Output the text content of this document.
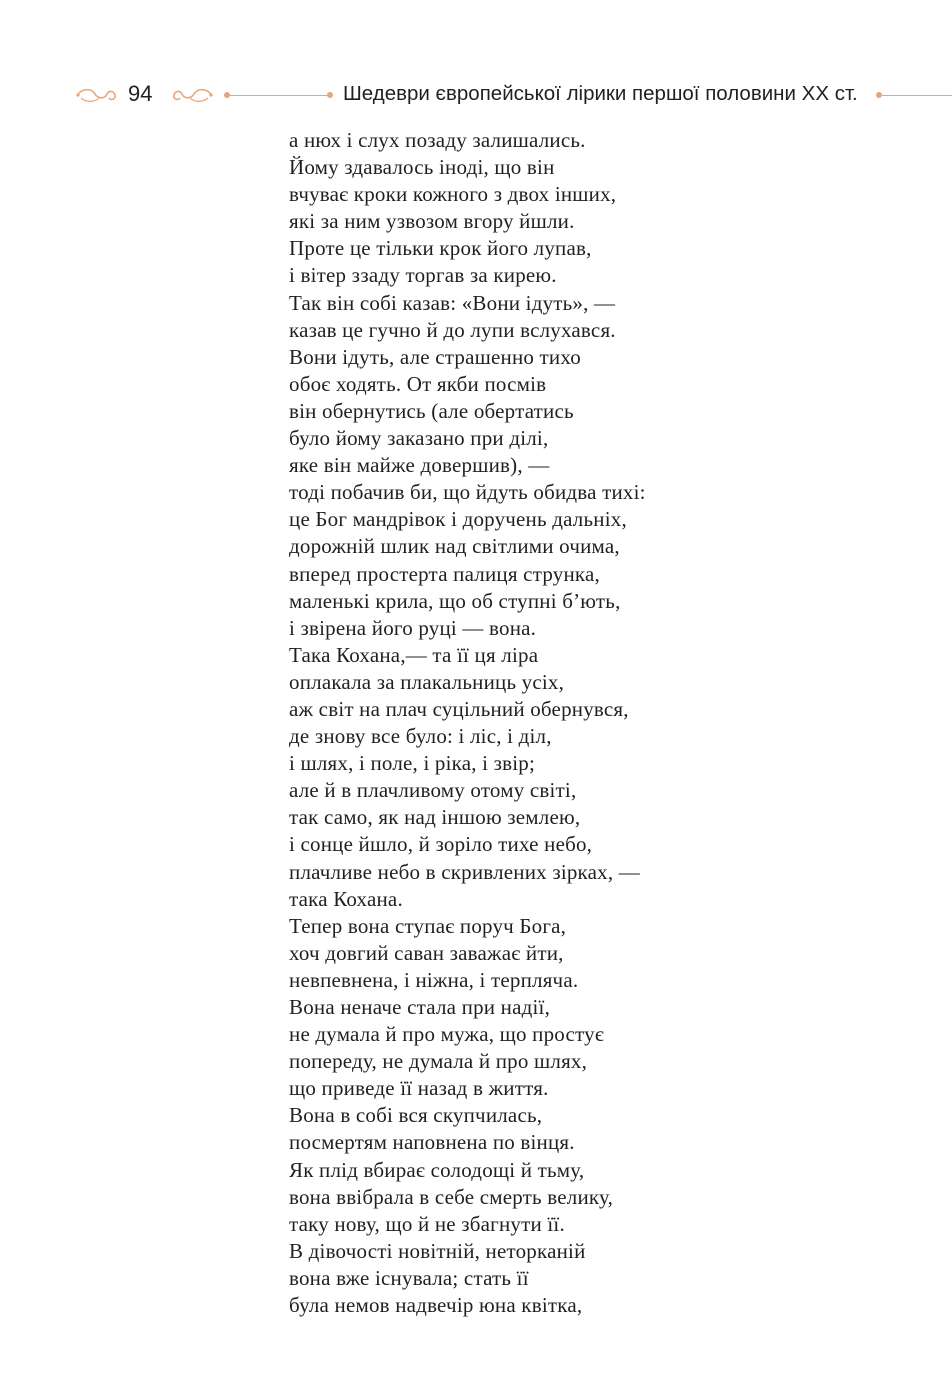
94	Шедеври європейської лірики першої половини ХХ ст.
а нюх і слух позаду залишались.
Йому здавалось іноді, що він
вчуває кроки кожного з двох інших,
які за ним узвозом вгору йшли.
Проте це тільки крок його лупав,
і вітер ззаду торгав за кирею.
Так він собі казав: «Вони ідуть», —
казав це гучно й до лупи вслухався.
Вони ідуть, але страшенно тихо
обоє ходять. От якби посмів
він обернутись (але обертатись
було йому заказано при ділі,
яке він майже довершив), —
тоді побачив би, що йдуть обидва тихі:
це Бог мандрівок і доручень дальніх,
дорожній шлик над світлими очима,
вперед простерта палиця струнка,
маленькі крила, що об ступні б’ють,
і звірена його руці — вона.
Така Кохана,— та її ця ліра
оплакала за плакальниць усіх,
аж світ на плач суцільний обернувся,
де знову все було: і ліс, і діл,
і шлях, і поле, і ріка, і звір;
але й в плачливому отому світі,
так само, як над іншою землею,
і сонце йшло, й зоріло тихе небо,
плачливе небо в скривлених зірках, —
така Кохана.
Тепер вона ступає поруч Бога,
хоч довгий саван заважає йти,
невпевнена, і ніжна, і терпляча.
Вона неначе стала при надії,
не думала й про мужа, що простує
попереду, не думала й про шлях,
що приведе її назад в життя.
Вона в собі вся скупчилась,
посмертям наповнена по вінця.
Як плід вбирає солодощі й тьму,
вона ввібрала в себе смерть велику,
таку нову, що й не збагнути її.
В дівочості новітній, неторканій
вона вже існувала; стать її
була немов надвечір юна квітка,
